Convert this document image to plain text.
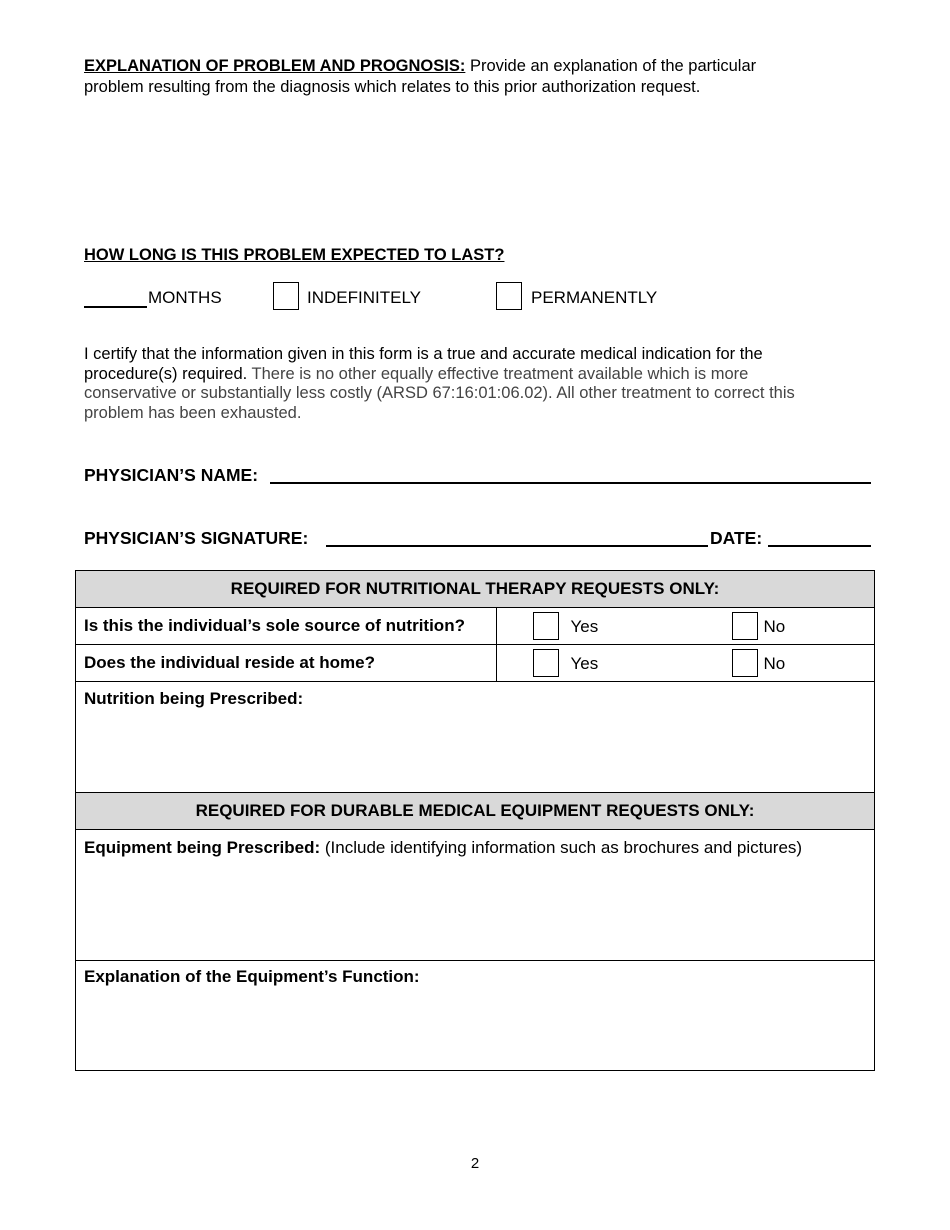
EXPLANATION OF PROBLEM AND PROGNOSIS: Provide an explanation of the particular
problem resulting from the diagnosis which relates to this prior authorization request.
HOW LONG IS THIS PROBLEM EXPECTED TO LAST?
MONTHS	INDEFINITELY	PERMANENTLY
I certify that the information given in this form is a true and accurate medical indication for the
procedure(s) required. There is no other equally effective treatment available which is more
conservative or substantially less costly (ARSD 67:16:01:06.02). All other treatment to correct this
problem has been exhausted.
PHYSICIAN’S NAME:
PHYSICIAN’S SIGNATURE:	DATE:
REQUIRED FOR NUTRITIONAL THERAPY REQUESTS ONLY:	
Is this the individual’s sole source of nutrition?	Yes No

Does the individual reside at home?	Yes No

Nutrition being Prescribed:	
REQUIRED FOR DURABLE MEDICAL EQUIPMENT REQUESTS ONLY:	
Equipment being Prescribed: (Include identifying information such as brochures and pictures)	
Explanation of the Equipment’s Function:	
2
